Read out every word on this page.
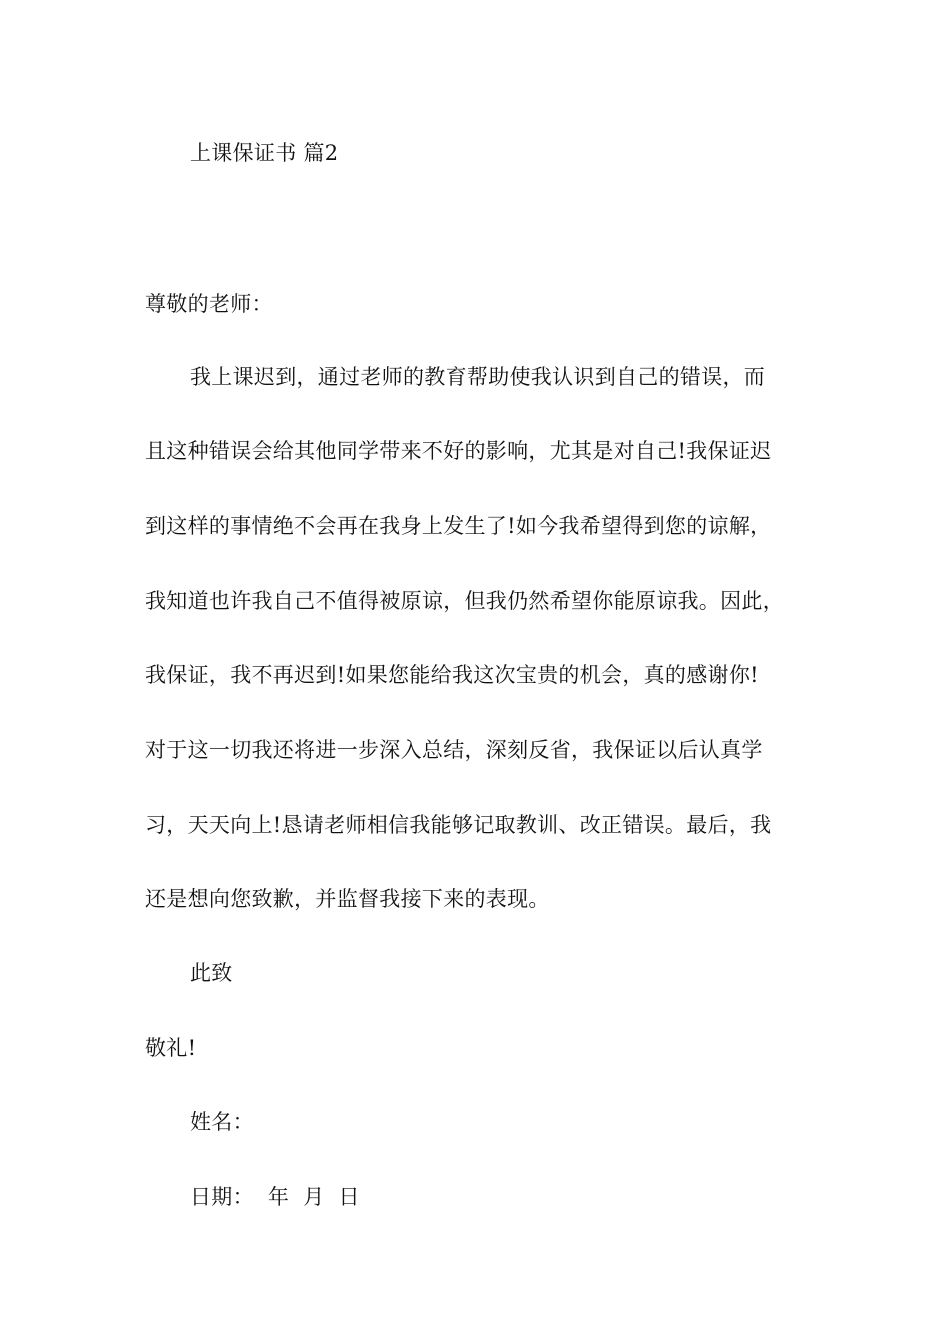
上课保证书 篇2
尊敬的老师：
我上课迟到，通过老师的教育帮助使我认识到自己的错误，而
且这种错误会给其他同学带来不好的影响，尤其是对自己!我保证迟
到这样的事情绝不会再在我身上发生了!如今我希望得到您的谅解，
我知道也许我自己不值得被原谅，但我仍然希望你能原谅我。因此，
我保证，我不再迟到!如果您能给我这次宝贵的机会，真的感谢你!
对于这一切我还将进一步深入总结，深刻反省，我保证以后认真学
习，天天向上!恳请老师相信我能够记取教训、改正错误。最后，我
还是想向您致歉，并监督我接下来的表现。
此致
敬礼!
姓名：
日期： 年 月 日
